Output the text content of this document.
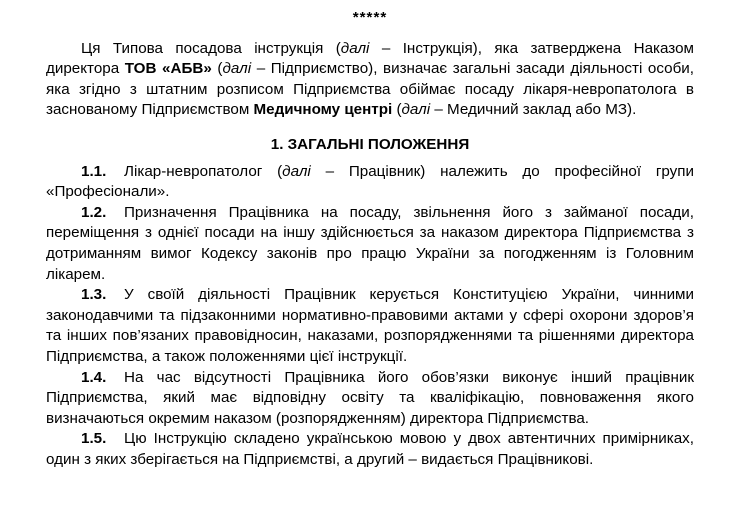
*****

Ця Типова посадова інструкція (далі – Інструкція), яка затверджена Наказом директора ТОВ «АБВ» (далі – Підприємство), визначає загальні засади діяльності особи, яка згідно з штатним розписом Підприємства обіймає посаду лікаря-невропатолога в заснованому Підприємством Медичному центрі (далі – Медичний заклад або МЗ).

1. ЗАГАЛЬНІ ПОЛОЖЕННЯ

1.1. Лікар-невропатолог (далі – Працівник) належить до професійної групи «Професіонали».

1.2. Призначення Працівника на посаду, звільнення його з займаної посади, переміщення з однієї посади на іншу здійснюється за наказом директора Підприємства з дотриманням вимог Кодексу законів про працю України за погодженням із Головним лікарем.

1.3. У своїй діяльності Працівник керується Конституцією України, чинними законодавчими та підзаконними нормативно-правовими актами у сфері охорони здоров’я та інших пов’язаних правовідносин, наказами, розпорядженнями та рішеннями директора Підприємства, а також положеннями цієї інструкції.

1.4. На час відсутності Працівника його обов’язки виконує інший працівник Підприємства, який має відповідну освіту та кваліфікацію, повноваження якого визначаються окремим наказом (розпорядженням) директора Підприємства.

1.5. Цю Інструкцію складено українською мовою у двох автентичних примірниках, один з яких зберігається на Підприємстві, а другий – видається Працівникові.
